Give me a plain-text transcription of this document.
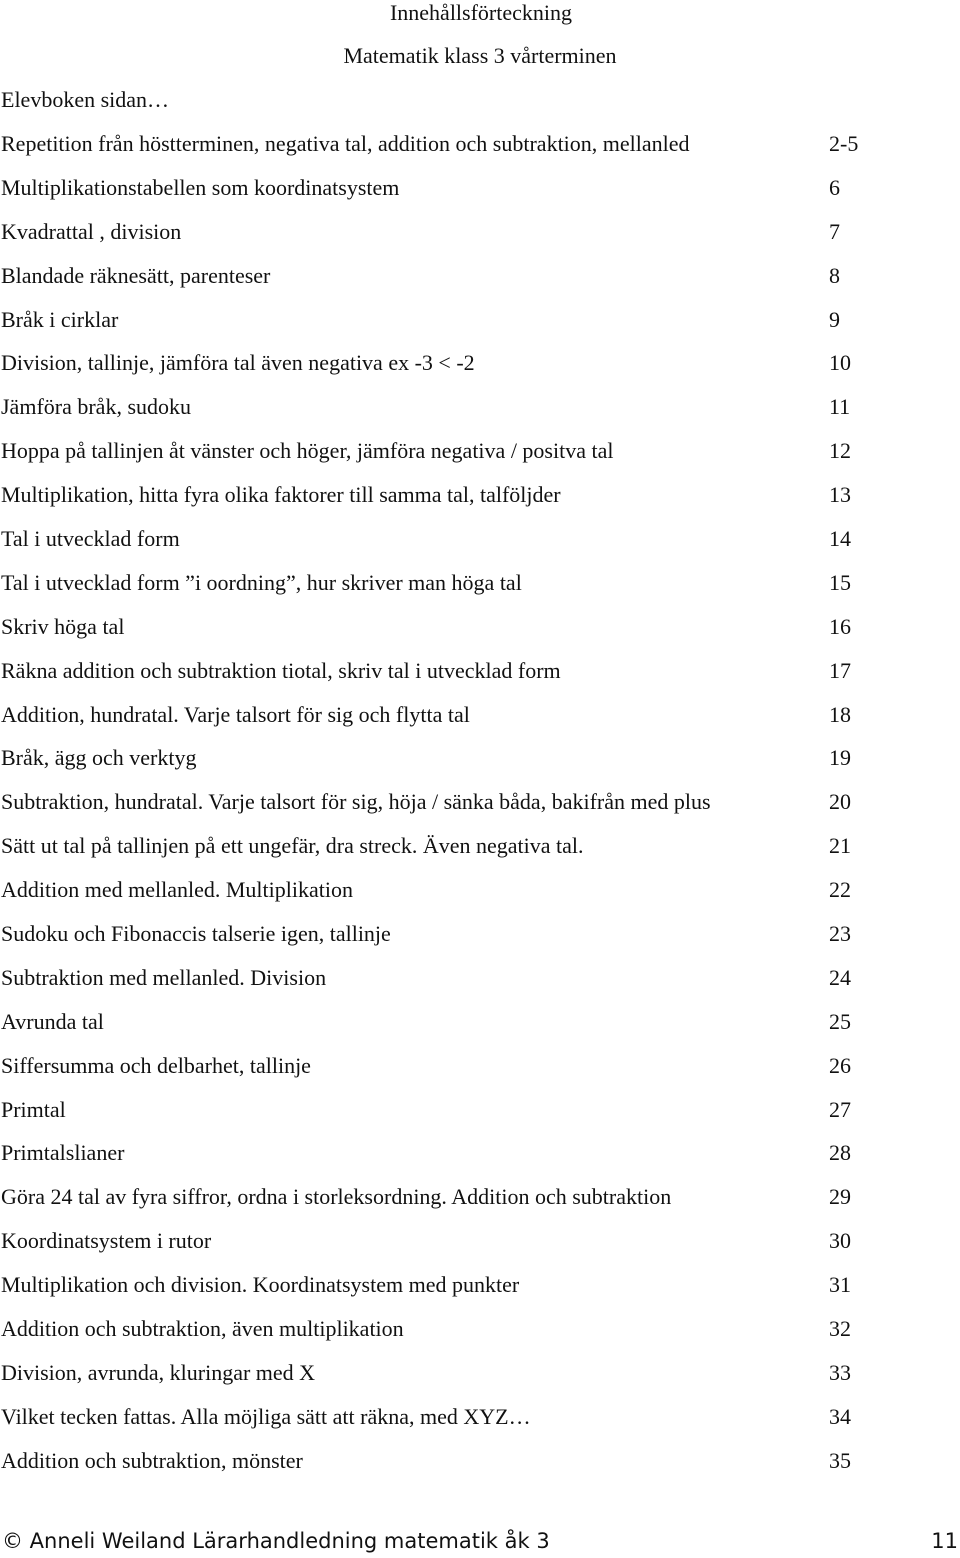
Innehållsförteckning
Matematik klass 3 vårterminen
Elevboken sidan…
Repetition från höstterminen, negativa tal, addition och subtraktion, mellanled	2-5
Multiplikationstabellen som koordinatsystem	6
Kvadrattal , division	7
Blandade räknesätt, parenteser	8
Bråk i cirklar	9
Division, tallinje, jämföra tal även negativa ex -3 < -2	10
Jämföra bråk, sudoku	11
Hoppa på tallinjen åt vänster och höger, jämföra negativa / positva tal	12
Multiplikation, hitta fyra olika faktorer till samma tal, talföljder	13
Tal i utvecklad form	14
Tal i utvecklad form ”i oordning”, hur skriver man höga tal	15
Skriv höga tal	16
Räkna addition och subtraktion tiotal, skriv tal i utvecklad form	17
Addition, hundratal. Varje talsort för sig och flytta tal	18
Bråk, ägg och verktyg	19
Subtraktion, hundratal. Varje talsort för sig, höja / sänka båda, bakifrån med plus	20
Sätt ut tal på tallinjen på ett ungefär, dra streck. Även negativa tal.	21
Addition med mellanled. Multiplikation	22
Sudoku och Fibonaccis talserie igen, tallinje	23
Subtraktion med mellanled. Division	24
Avrunda tal	25
Siffersumma och delbarhet, tallinje	26
Primtal	27
Primtalslianer	28
Göra 24 tal av fyra siffror, ordna i storleksordning. Addition och subtraktion	29
Koordinatsystem i rutor	30
Multiplikation och division. Koordinatsystem med punkter	31
Addition och subtraktion, även multiplikation	32
Division, avrunda, kluringar med X	33
Vilket tecken fattas. Alla möjliga sätt att räkna, med XYZ…	34
Addition och subtraktion, mönster	35
© Anneli Weiland Lärarhandledning matematik åk 3	11
